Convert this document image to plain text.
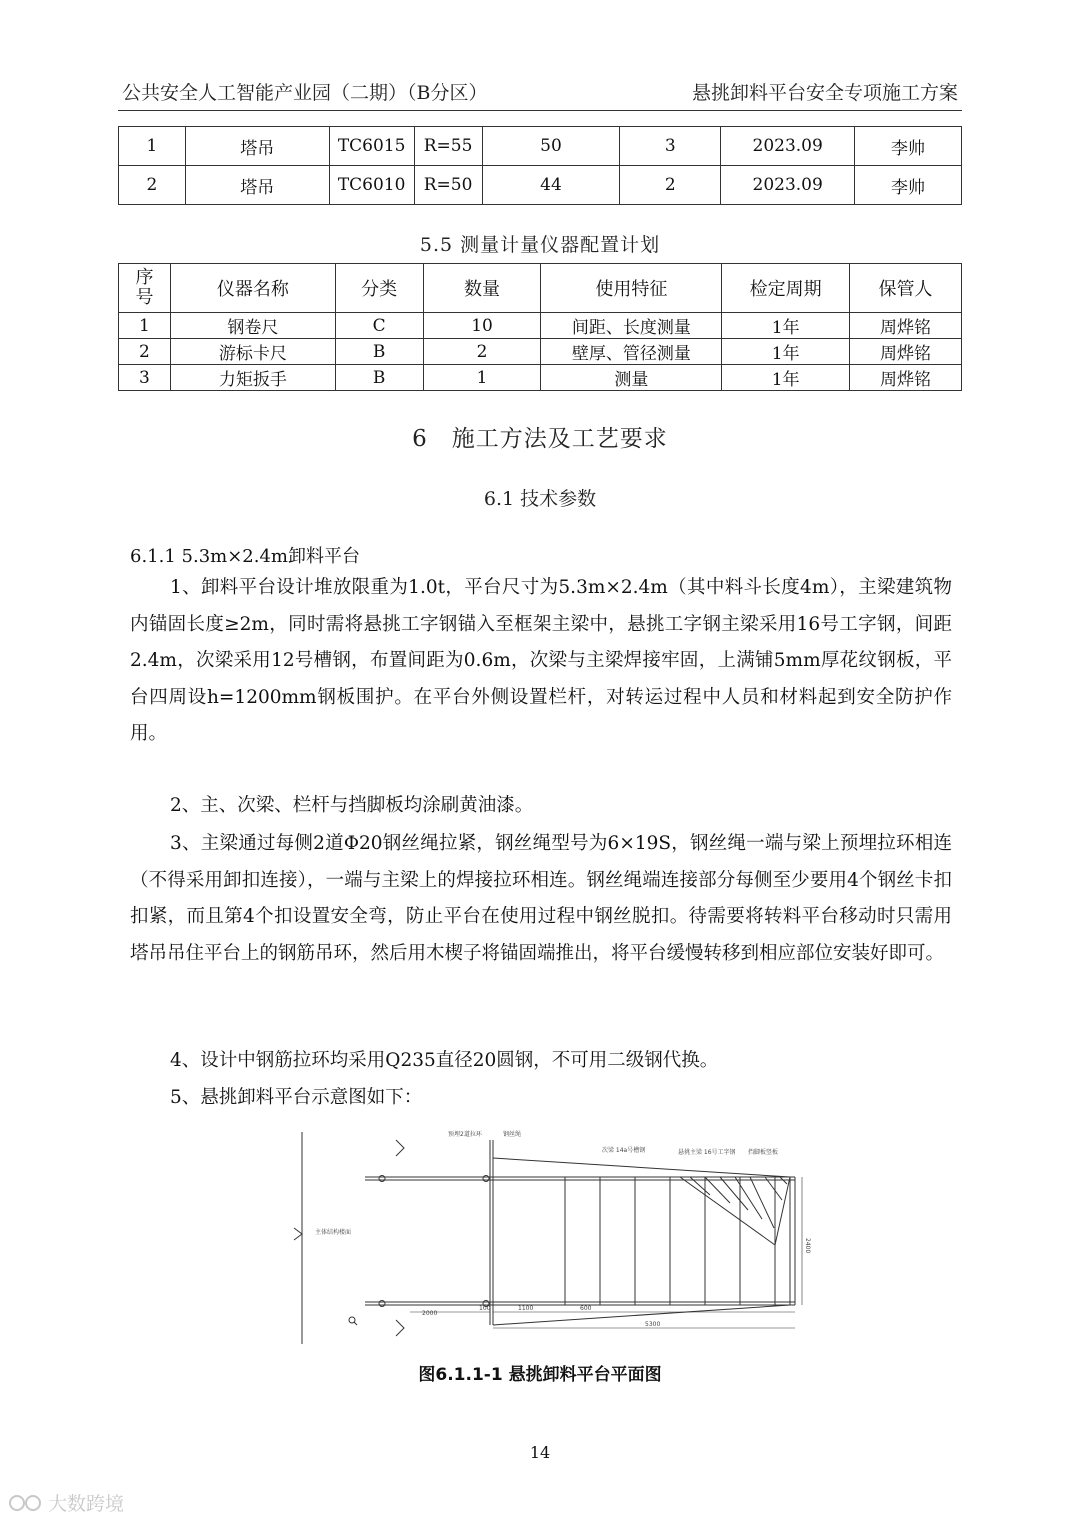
公共安全人工智能产业园（二期）（B分区）	悬挑卸料平台安全专项施工方案
1	塔吊	TC6015	R=55	50	3	2023.09	李帅
2	塔吊	TC6010	R=50	44	2	2023.09	李帅
5.5 测量计量仪器配置计划
序号	仪器名称	分类	数量	使用特征	检定周期	保管人
1	钢卷尺	C	10	间距、长度测量	1年	周烨铭
2	游标卡尺	B	2	壁厚、管径测量	1年	周烨铭
3	力矩扳手	B	1	测量	1年	周烨铭
6　施工方法及工艺要求
6.1 技术参数
6.1.1 5.3m×2.4m卸料平台

1、卸料平台设计堆放限重为1.0t，平台尺寸为5.3m×2.4m（其中料斗长度4m），主梁建筑物内锚固长度≥2m，同时需将悬挑工字钢锚入至框架主梁中，悬挑工字钢主梁采用16号工字钢，间距2.4m，次梁采用12号槽钢，布置间距为0.6m，次梁与主梁焊接牢固，上满铺5mm厚花纹钢板，平台四周设h=1200mm钢板围护。在平台外侧设置栏杆，对转运过程中人员和材料起到安全防护作用。

2、主、次梁、栏杆与挡脚板均涂刷黄油漆。

3、主梁通过每侧2道Φ20钢丝绳拉紧，钢丝绳型号为6×19S，钢丝绳一端与梁上预埋拉环相连（不得采用卸扣连接），一端与主梁上的焊接拉环相连。钢丝绳端连接部分每侧至少要用4个钢丝卡扣扣紧，而且第4个扣设置安全弯，防止平台在使用过程中钢丝脱扣。待需要将转料平台移动时只需用塔吊吊住平台上的钢筋吊环，然后用木楔子将锚固端推出，将平台缓慢转移到相应部位安装好即可。

4、设计中钢筋拉环均采用Q235直径20圆钢，不可用二级钢代换。

5、悬挑卸料平台示意图如下：

主体结构楼面
预埋2道拉环	钢丝绳
次梁 14a号槽钢	悬挑主梁 16号工字钢 挡脚板竖板
2000
100	1100	600
5300
2400
图6.1.1-1 悬挑卸料平台平面图
14
大数跨境
